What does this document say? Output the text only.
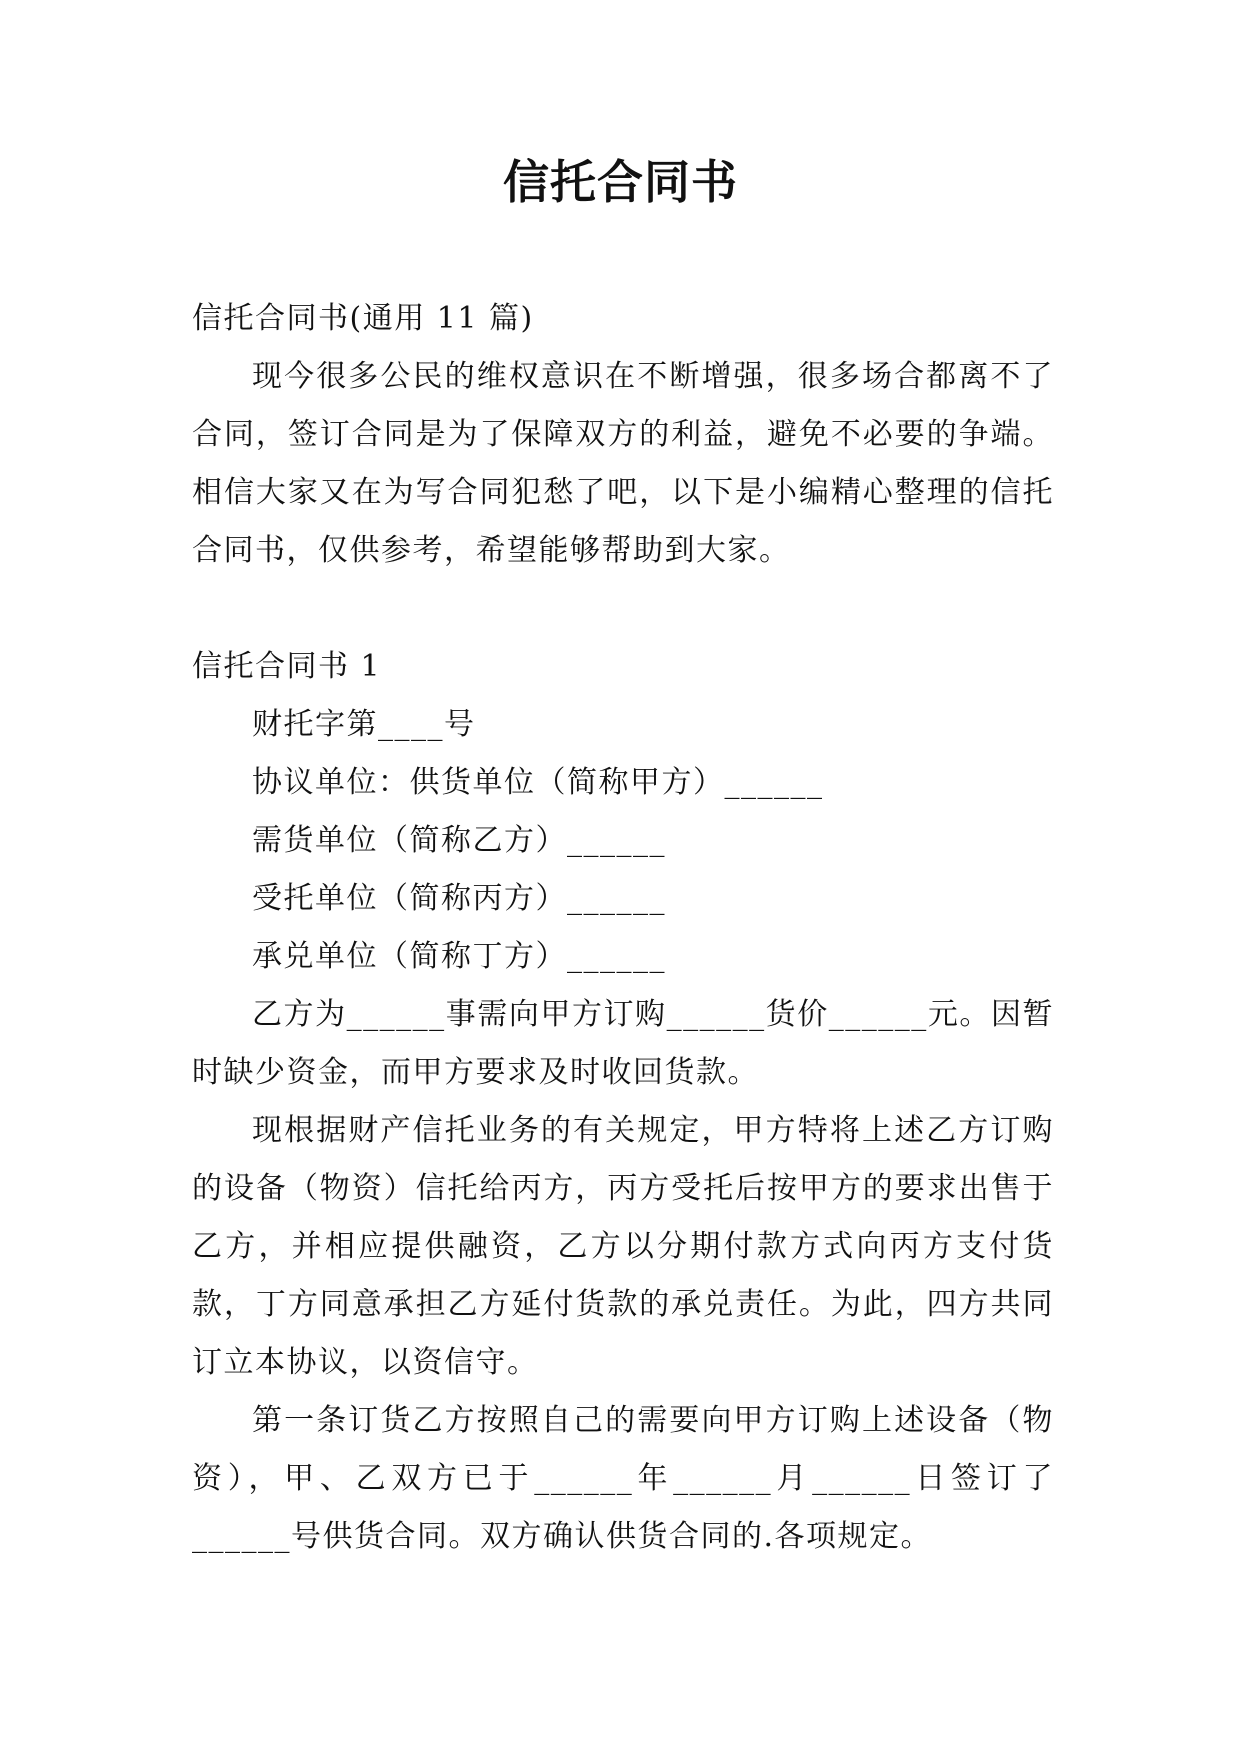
信托合同书

信托合同书(通用 11 篇)

现今很多公民的维权意识在不断增强，很多场合都离不了合同，签订合同是为了保障双方的利益，避免不必要的争端。相信大家又在为写合同犯愁了吧，以下是小编精心整理的信托合同书，仅供参考，希望能够帮助到大家。

信托合同书 1

财托字第____号

协议单位：供货单位（简称甲方）______

需货单位（简称乙方）______

受托单位（简称丙方）______

承兑单位（简称丁方）______

乙方为______事需向甲方订购______货价______元。因暂时缺少资金，而甲方要求及时收回货款。

现根据财产信托业务的有关规定，甲方特将上述乙方订购的设备（物资）信托给丙方，丙方受托后按甲方的要求出售于乙方，并相应提供融资，乙方以分期付款方式向丙方支付货款，丁方同意承担乙方延付货款的承兑责任。为此，四方共同订立本协议，以资信守。

第一条订货乙方按照自己的需要向甲方订购上述设备（物资），甲、乙双方已于______年______月______日签订了______号供货合同。双方确认供货合同的.各项规定。
